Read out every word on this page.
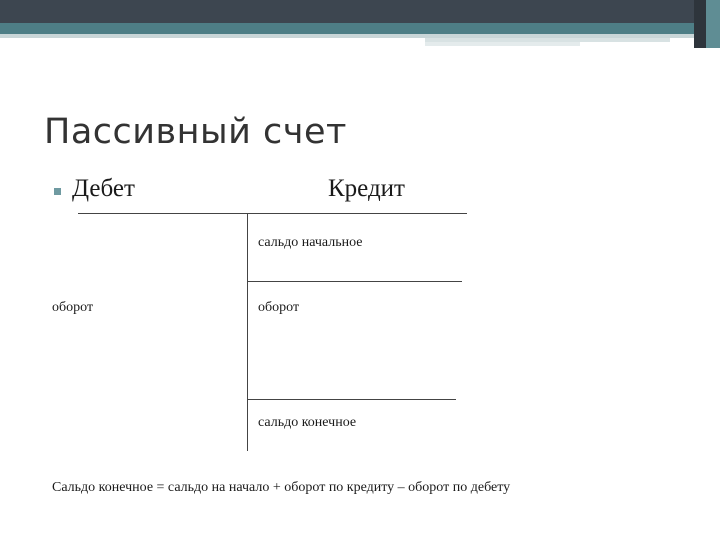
Пассивный счет
Дебет	Кредит
сальдо начальное
оборот	оборот
сальдо конечное
Сальдо конечное = сальдо на начало + оборот по кредиту – оборот по дебету
